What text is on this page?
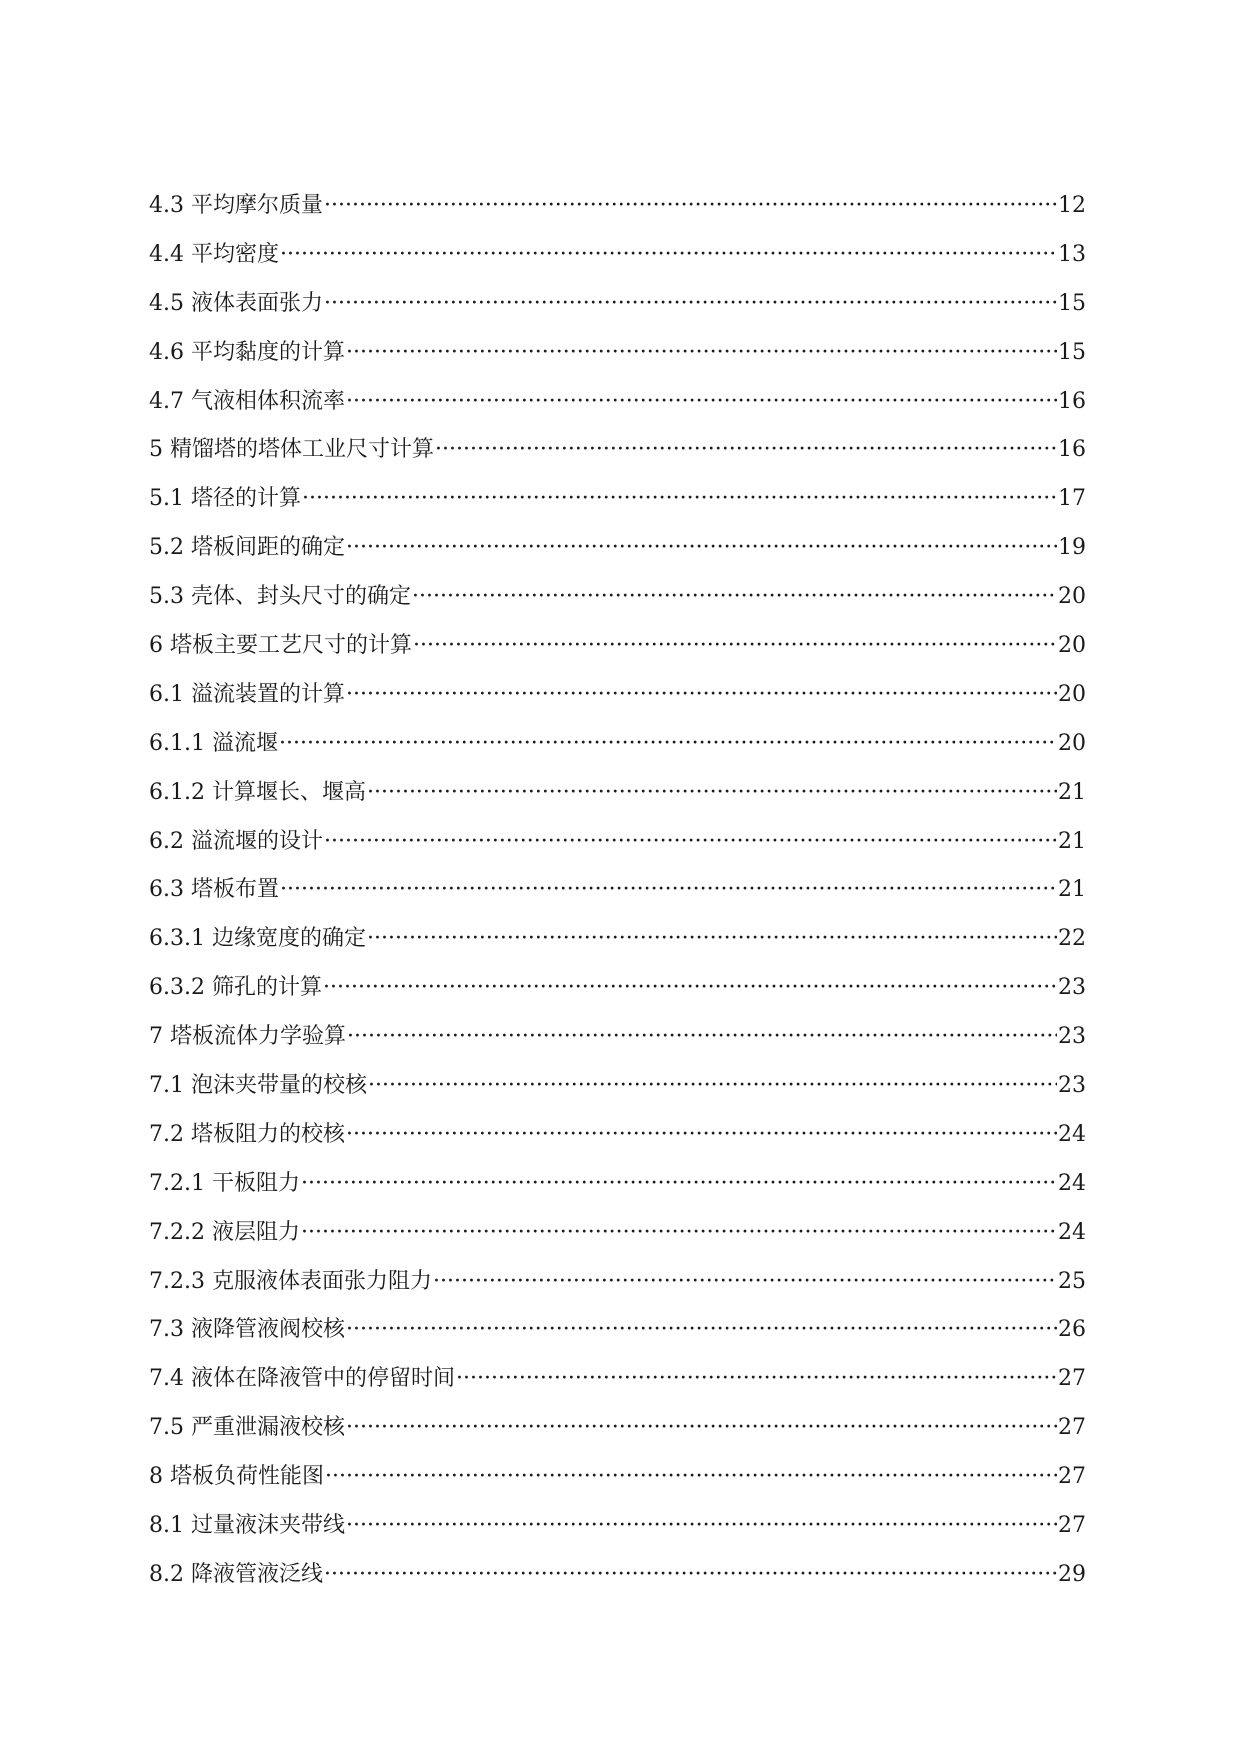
4.3 平均摩尔质量 ·····	12
4.4 平均密度 ·····	13
4.5 液体表面张力 ·····	15
4.6 平均黏度的计算 ·····	15
4.7 气液相体积流率 ·····	16
5 精馏塔的塔体工业尺寸计算 ·····	16
5.1 塔径的计算 ·····	17
5.2 塔板间距的确定 ·····	19
5.3 壳体、封头尺寸的确定 ·····	20
6 塔板主要工艺尺寸的计算 ·····	20
6.1 溢流装置的计算 ·····	20
6.1.1 溢流堰 ·····	20
6.1.2 计算堰长、堰高 ·····	21
6.2 溢流堰的设计 ·····	21
6.3 塔板布置 ·····	21
6.3.1 边缘宽度的确定 ·····	22
6.3.2 筛孔的计算 ·····	23
7 塔板流体力学验算 ·····	23
7.1 泡沫夹带量的校核 ·····	23
7.2 塔板阻力的校核 ·····	24
7.2.1 干板阻力 ·····	24
7.2.2 液层阻力 ·····	24
7.2.3 克服液体表面张力阻力 ·····	25
7.3 液降管液阀校核 ·····	26
7.4 液体在降液管中的停留时间 ·····	27
7.5 严重泄漏液校核 ·····	27
8 塔板负荷性能图 ·····	27
8.1 过量液沫夹带线 ·····	27
8.2 降液管液泛线 ·····	29
